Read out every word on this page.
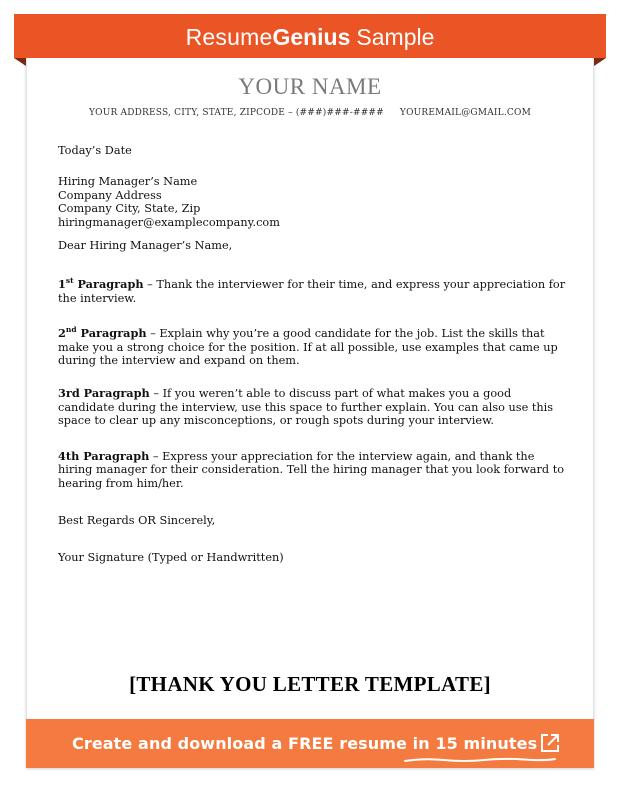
ResumeGenius Sample
YOUR NAME
YOUR ADDRESS, CITY, STATE, ZIPCODE – (###)###-#### YOUREMAIL@GMAIL.COM

Today’s Date

Hiring Manager’s Name

Company Address

Company City, State, Zip

hiringmanager@examplecompany.com

Dear Hiring Manager’s Name,

1st Paragraph – Thank the interviewer for their time, and express your appreciation for the interview.

2nd Paragraph – Explain why you’re a good candidate for the job. List the skills that make you a strong choice for the position. If at all possible, use examples that came up during the interview and expand on them.

3rd Paragraph – If you weren’t able to discuss part of what makes you a good candidate during the interview, use this space to further explain. You can also use this space to clear up any misconceptions, or rough spots during your interview.

4th Paragraph – Express your appreciation for the interview again, and thank the hiring manager for their consideration. Tell the hiring manager that you look forward to hearing from him/her.

Best Regards OR Sincerely,

Your Signature (Typed or Handwritten)

[THANK YOU LETTER TEMPLATE]
Create and download a FREE resume in 15 minutes
